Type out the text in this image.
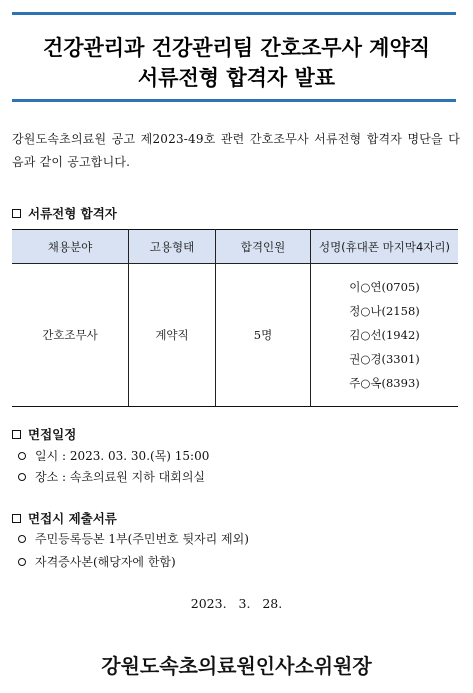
건강관리과 건강관리팀 간호조무사 계약직
서류전형 합격자 발표
강원도속초의료원 공고 제2023-49호 관련 간호조무사 서류전형 합격자 명단을 다음과 같이 공고합니다.
서류전형 합격자
채용분야	고용형태	합격인원	성명(휴대폰 마지막4자리)
간호조무사	계약직	5명	이○연(0705)
정○나(2158)
김○선(1942)
권○경(3301)
주○옥(8393)
면접일정
일시 : 2023. 03. 30.(목) 15:00
장소 : 속초의료원 지하 대회의실
면접시 제출서류
주민등록등본 1부(주민번호 뒷자리 제외)
자격증사본(해당자에 한함)
2023.   3.   28.
강원도속초의료원인사소위원장
